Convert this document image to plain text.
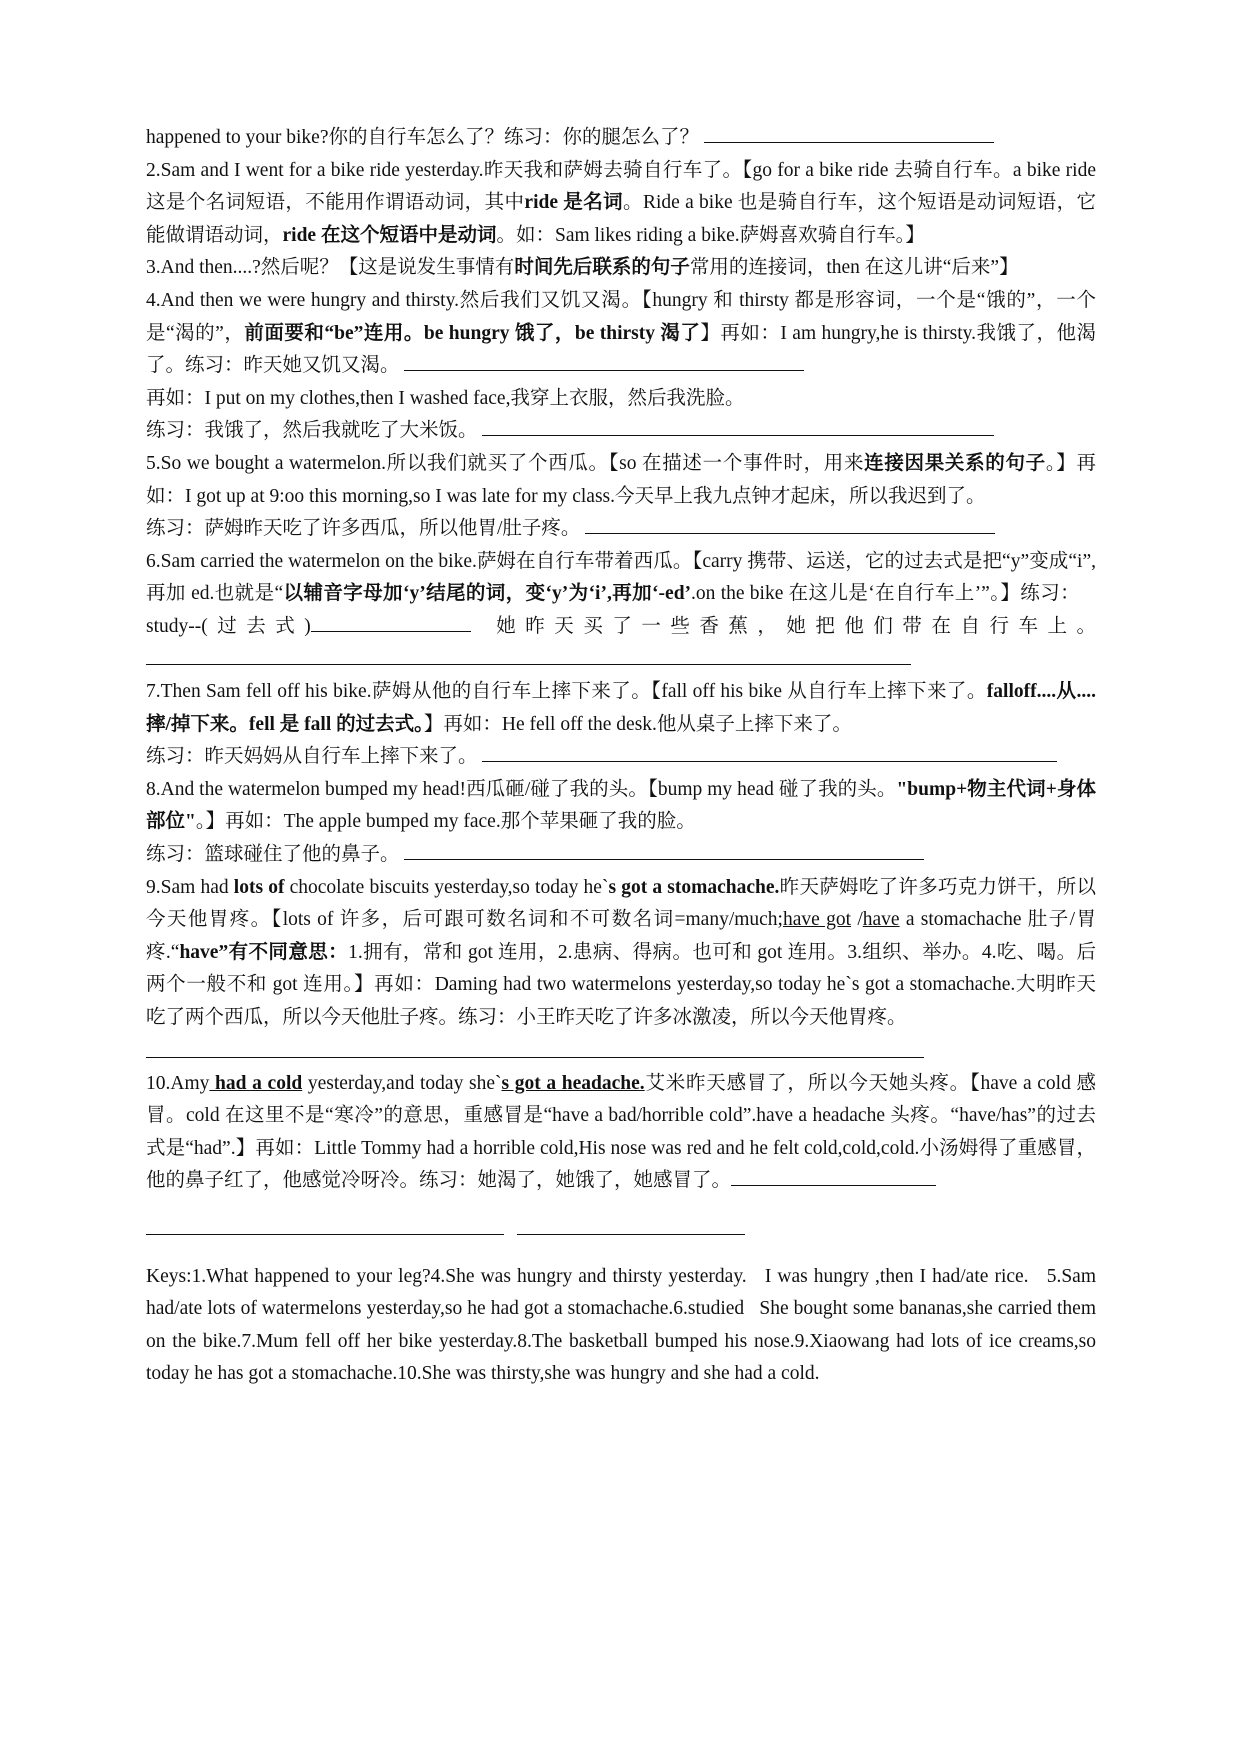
happened to your bike?你的自行车怎么了？练习：你的腿怎么了？

2.Sam and I went for a bike ride yesterday.昨天我和萨姆去骑自行车了。【go for a bike ride 去骑自行车。a bike ride 这是个名词短语，不能用作谓语动词，其中ride 是名词。Ride a bike 也是骑自行车，这个短语是动词短语，它能做谓语动词，ride 在这个短语中是动词。如：Sam likes riding a bike.萨姆喜欢骑自行车。】

3.And then....?然后呢？【这是说发生事情有时间先后联系的句子常用的连接词，then 在这儿讲“后来”】

4.And then we were hungry and thirsty.然后我们又饥又渴。【hungry 和 thirsty 都是形容词，一个是“饿的”，一个是“渴的”，前面要和“be”连用。be hungry 饿了，be thirsty 渴了】再如：I am hungry,he is thirsty.我饿了，他渴了。练习：昨天她又饥又渴。

再如：I put on my clothes,then I washed face,我穿上衣服，然后我洗脸。

练习：我饿了，然后我就吃了大米饭。

5.So we bought a watermelon.所以我们就买了个西瓜。【so 在描述一个事件时，用来连接因果关系的句子。】再如：I got up at 9:oo this morning,so I was late for my class.今天早上我九点钟才起床，所以我迟到了。

练习：萨姆昨天吃了许多西瓜，所以他胃/肚子疼。

6.Sam carried the watermelon on the bike.萨姆在自行车带着西瓜。【carry 携带、运送，它的过去式是把“y”变成“i”,再加 ed.也就是“以辅音字母加‘y’结尾的词，变‘y’为‘i’,再加‘-ed’.on the bike 在这儿是‘在自行车上’”。】练习：study--(过去式)	她昨天买了一些香蕉，她把他们带在自行车上。

7.Then Sam fell off his bike.萨姆从他的自行车上摔下来了。【fall off his bike 从自行车上摔下来了。falloff....从....摔/掉下来。fell 是 fall 的过去式。】再如：He fell off the desk.他从桌子上摔下来了。

练习：昨天妈妈从自行车上摔下来了。

8.And the watermelon bumped my head!西瓜砸/碰了我的头。【bump my head 碰了我的头。"bump+物主代词+身体部位"。】再如：The apple bumped my face.那个苹果砸了我的脸。

练习：篮球碰住了他的鼻子。

9.Sam had lots of chocolate biscuits yesterday,so today he`s got a stomachache.昨天萨姆吃了许多巧克力饼干，所以今天他胃疼。【lots of 许多，后可跟可数名词和不可数名词=many/much;have got /have a stomachache 肚子/胃疼.“have”有不同意思：1.拥有，常和 got 连用，2.患病、得病。也可和 got 连用。3.组织、举办。4.吃、喝。后两个一般不和 got 连用。】再如：Daming had two watermelons yesterday,so today he`s got a stomachache.大明昨天吃了两个西瓜，所以今天他肚子疼。练习：小王昨天吃了许多冰激凌，所以今天他胃疼。

10.Amy had a cold yesterday,and today she`s got a headache.艾米昨天感冒了，所以今天她头疼。【have a cold 感冒。cold 在这里不是“寒冷”的意思，重感冒是“have a bad/horrible cold”.have a headache 头疼。“have/has”的过去式是“had”.】再如：Little Tommy had a horrible cold,His nose was red and he felt cold,cold,cold.小汤姆得了重感冒，他的鼻子红了，他感觉冷呀冷。练习：她渴了，她饿了，她感冒了。

Keys:1.What happened to your leg?4.She was hungry and thirsty yesterday.   I was hungry ,then I had/ate rice.   5.Sam had/ate lots of watermelons yesterday,so he had got a stomachache.6.studied   She bought some bananas,she carried them on the bike.7.Mum fell off her bike yesterday.8.The basketball bumped his nose.9.Xiaowang had lots of ice creams,so today he has got a stomachache.10.She was thirsty,she was hungry and she had a cold.
